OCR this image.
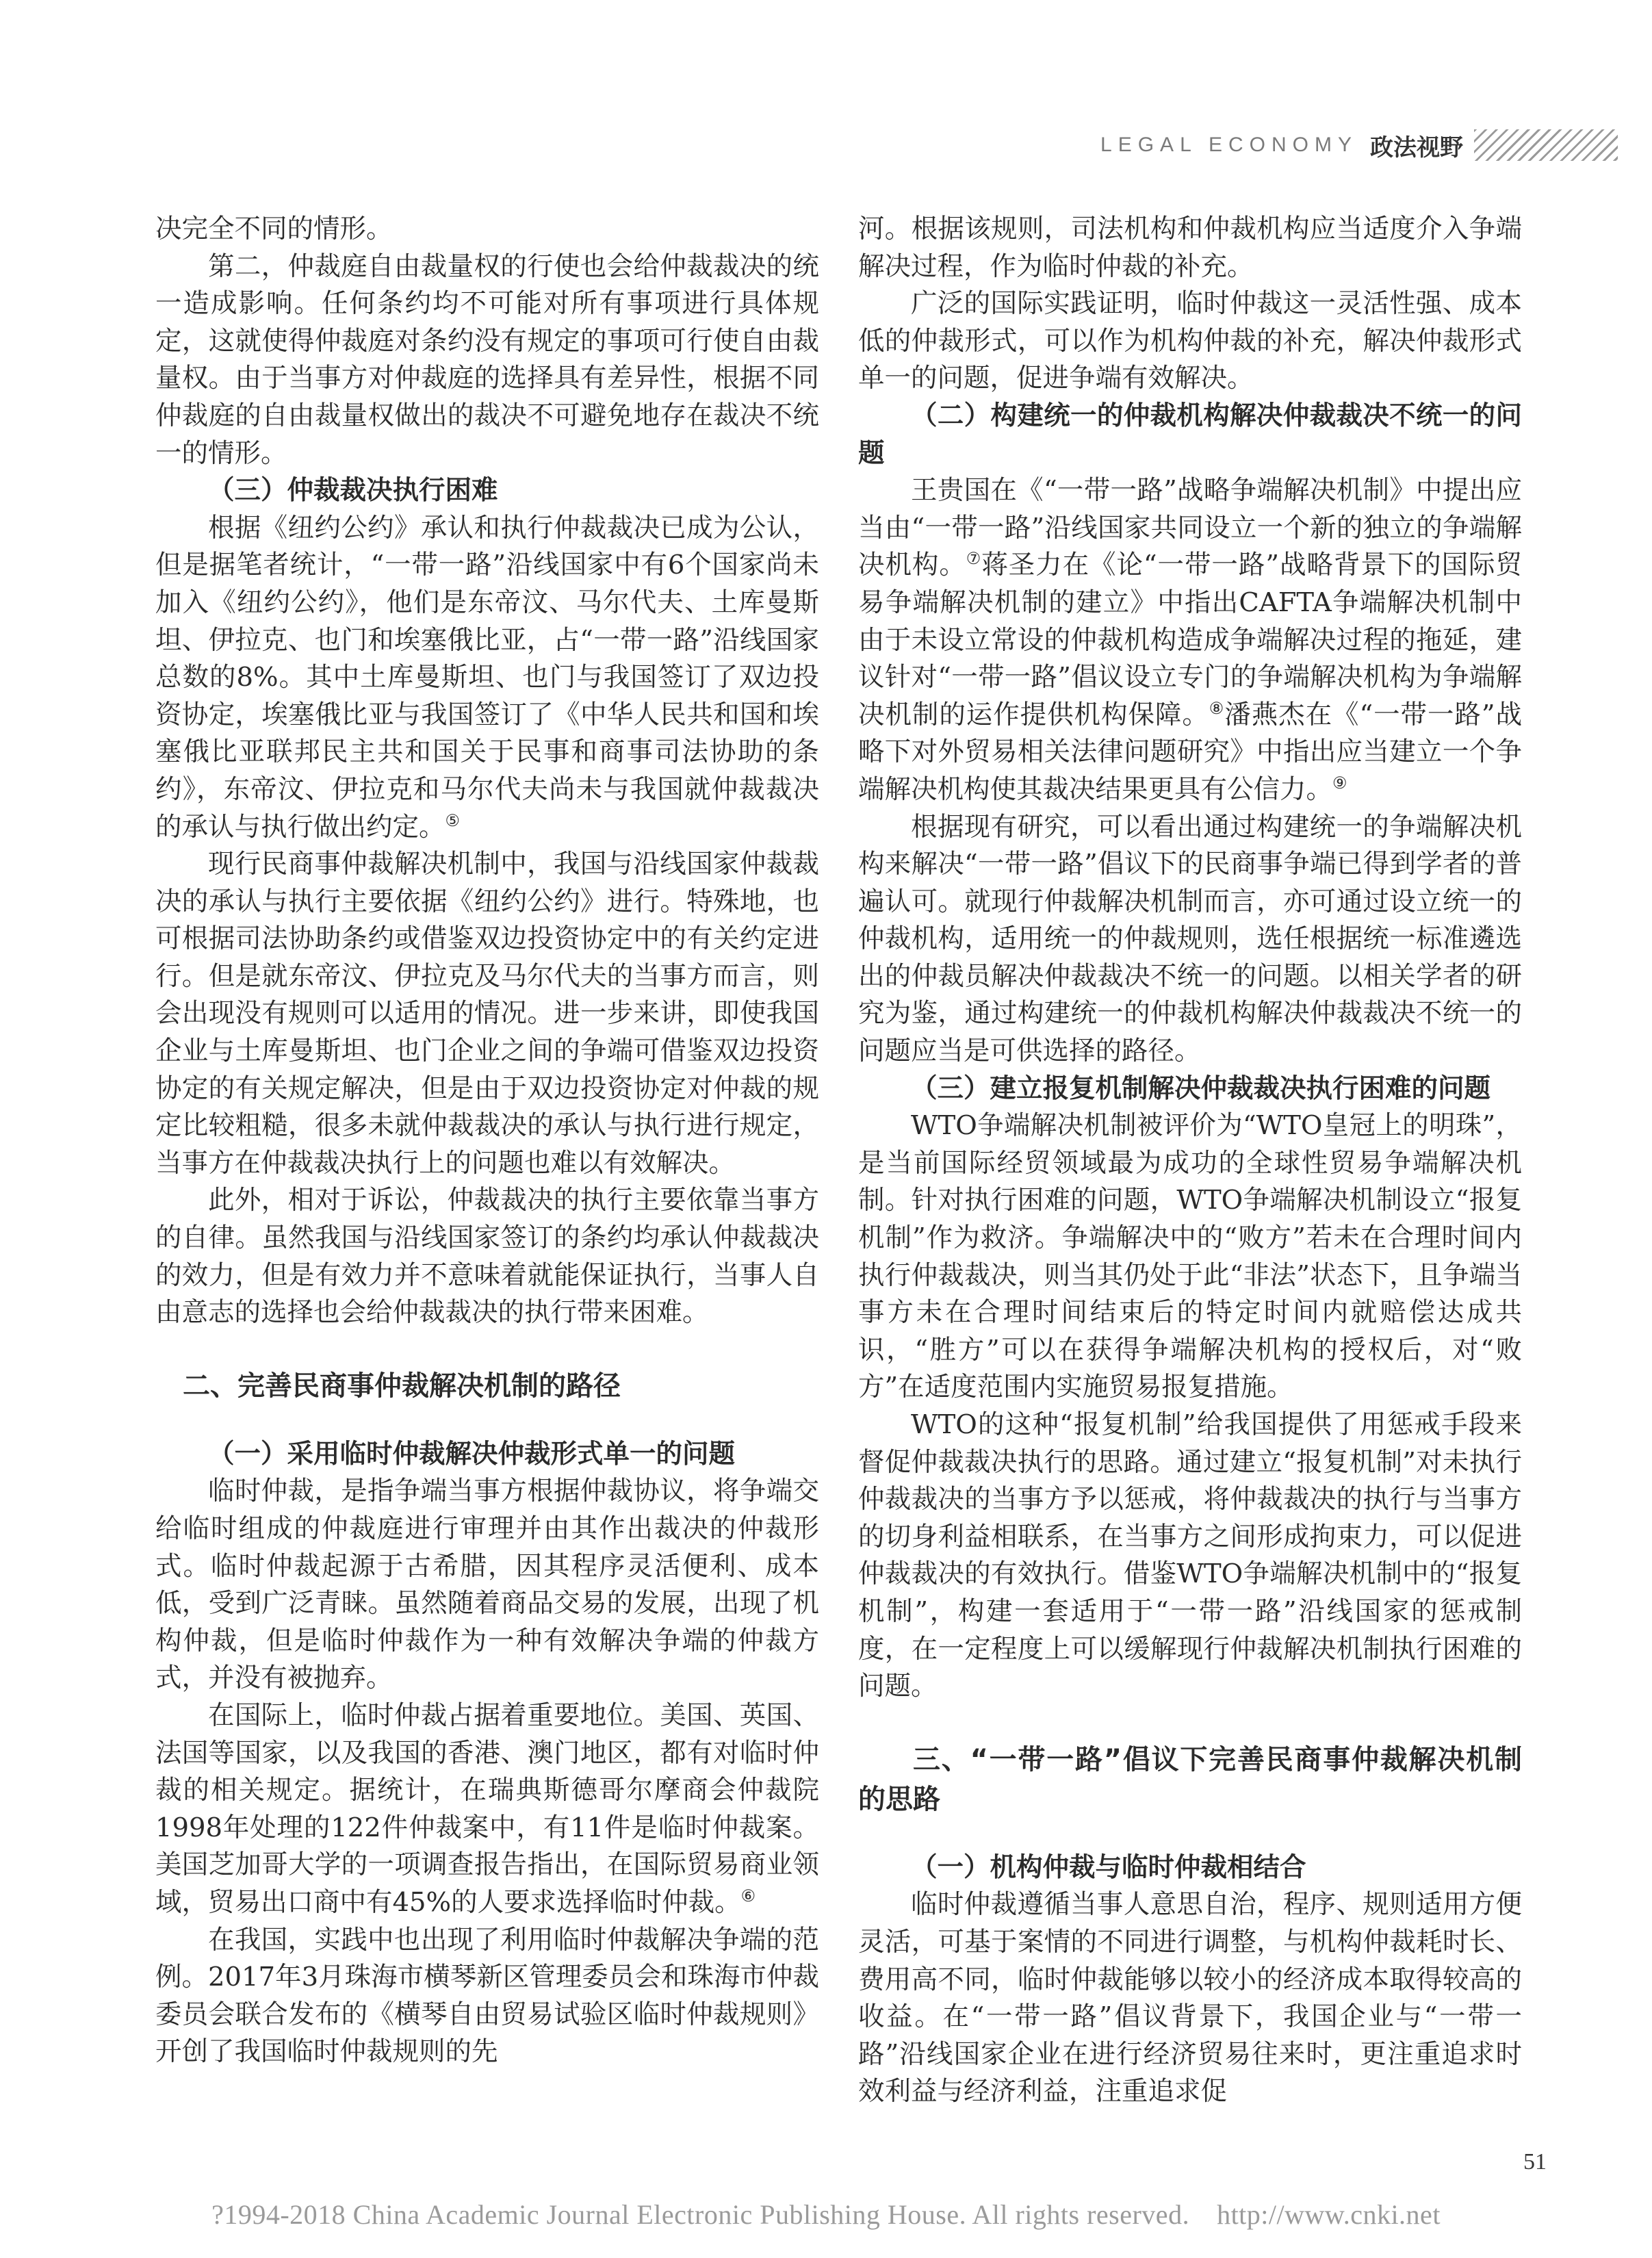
LEGAL ECONOMY 政法视野

决完全不同的情形。

第二，仲裁庭自由裁量权的行使也会给仲裁裁决的统一造成影响。任何条约均不可能对所有事项进行具体规定，这就使得仲裁庭对条约没有规定的事项可行使自由裁量权。由于当事方对仲裁庭的选择具有差异性，根据不同仲裁庭的自由裁量权做出的裁决不可避免地存在裁决不统一的情形。

（三）仲裁裁决执行困难

根据《纽约公约》承认和执行仲裁裁决已成为公认，但是据笔者统计，“一带一路”沿线国家中有6个国家尚未加入《纽约公约》，他们是东帝汶、马尔代夫、土库曼斯坦、伊拉克、也门和埃塞俄比亚，占“一带一路”沿线国家总数的8%。其中土库曼斯坦、也门与我国签订了双边投资协定，埃塞俄比亚与我国签订了《中华人民共和国和埃塞俄比亚联邦民主共和国关于民事和商事司法协助的条约》，东帝汶、伊拉克和马尔代夫尚未与我国就仲裁裁决的承认与执行做出约定。⑤

现行民商事仲裁解决机制中，我国与沿线国家仲裁裁决的承认与执行主要依据《纽约公约》进行。特殊地，也可根据司法协助条约或借鉴双边投资协定中的有关约定进行。但是就东帝汶、伊拉克及马尔代夫的当事方而言，则会出现没有规则可以适用的情况。进一步来讲，即使我国企业与土库曼斯坦、也门企业之间的争端可借鉴双边投资协定的有关规定解决，但是由于双边投资协定对仲裁的规定比较粗糙，很多未就仲裁裁决的承认与执行进行规定，当事方在仲裁裁决执行上的问题也难以有效解决。

此外，相对于诉讼，仲裁裁决的执行主要依靠当事方的自律。虽然我国与沿线国家签订的条约均承认仲裁裁决的效力，但是有效力并不意味着就能保证执行，当事人自由意志的选择也会给仲裁裁决的执行带来困难。

二、完善民商事仲裁解决机制的路径
（一）采用临时仲裁解决仲裁形式单一的问题

临时仲裁，是指争端当事方根据仲裁协议，将争端交给临时组成的仲裁庭进行审理并由其作出裁决的仲裁形式。临时仲裁起源于古希腊，因其程序灵活便利、成本低，受到广泛青睐。虽然随着商品交易的发展，出现了机构仲裁，但是临时仲裁作为一种有效解决争端的仲裁方式，并没有被抛弃。

在国际上，临时仲裁占据着重要地位。美国、英国、法国等国家，以及我国的香港、澳门地区，都有对临时仲裁的相关规定。据统计，在瑞典斯德哥尔摩商会仲裁院1998年处理的122件仲裁案中，有11件是临时仲裁案。美国芝加哥大学的一项调查报告指出，在国际贸易商业领域，贸易出口商中有45%的人要求选择临时仲裁。⑥

在我国，实践中也出现了利用临时仲裁解决争端的范例。2017年3月珠海市横琴新区管理委员会和珠海市仲裁委员会联合发布的《横琴自由贸易试验区临时仲裁规则》开创了我国临时仲裁规则的先

河。根据该规则，司法机构和仲裁机构应当适度介入争端解决过程，作为临时仲裁的补充。

广泛的国际实践证明，临时仲裁这一灵活性强、成本低的仲裁形式，可以作为机构仲裁的补充，解决仲裁形式单一的问题，促进争端有效解决。

（二）构建统一的仲裁机构解决仲裁裁决不统一的问题

王贵国在《“一带一路”战略争端解决机制》中提出应当由“一带一路”沿线国家共同设立一个新的独立的争端解决机构。⑦蒋圣力在《论“一带一路”战略背景下的国际贸易争端解决机制的建立》中指出CAFTA争端解决机制中由于未设立常设的仲裁机构造成争端解决过程的拖延，建议针对“一带一路”倡议设立专门的争端解决机构为争端解决机制的运作提供机构保障。⑧潘燕杰在《“一带一路”战略下对外贸易相关法律问题研究》中指出应当建立一个争端解决机构使其裁决结果更具有公信力。⑨

根据现有研究，可以看出通过构建统一的争端解决机构来解决“一带一路”倡议下的民商事争端已得到学者的普遍认可。就现行仲裁解决机制而言，亦可通过设立统一的仲裁机构，适用统一的仲裁规则，选任根据统一标准遴选出的仲裁员解决仲裁裁决不统一的问题。以相关学者的研究为鉴，通过构建统一的仲裁机构解决仲裁裁决不统一的问题应当是可供选择的路径。

（三）建立报复机制解决仲裁裁决执行困难的问题

WTO争端解决机制被评价为“WTO皇冠上的明珠”，是当前国际经贸领域最为成功的全球性贸易争端解决机制。针对执行困难的问题，WTO争端解决机制设立“报复机制”作为救济。争端解决中的“败方”若未在合理时间内执行仲裁裁决，则当其仍处于此“非法”状态下，且争端当事方未在合理时间结束后的特定时间内就赔偿达成共识，“胜方”可以在获得争端解决机构的授权后，对“败方”在适度范围内实施贸易报复措施。

WTO的这种“报复机制”给我国提供了用惩戒手段来督促仲裁裁决执行的思路。通过建立“报复机制”对未执行仲裁裁决的当事方予以惩戒，将仲裁裁决的执行与当事方的切身利益相联系，在当事方之间形成拘束力，可以促进仲裁裁决的有效执行。借鉴WTO争端解决机制中的“报复机制”，构建一套适用于“一带一路”沿线国家的惩戒制度，在一定程度上可以缓解现行仲裁解决机制执行困难的问题。

三、“一带一路”倡议下完善民商事仲裁解决机制的思路
（一）机构仲裁与临时仲裁相结合

临时仲裁遵循当事人意思自治，程序、规则适用方便灵活，可基于案情的不同进行调整，与机构仲裁耗时长、费用高不同，临时仲裁能够以较小的经济成本取得较高的收益。在“一带一路”倡议背景下，我国企业与“一带一路”沿线国家企业在进行经济贸易往来时，更注重追求时效利益与经济利益，注重追求促

51
?1994-2018 China Academic Journal Electronic Publishing House. All rights reserved. http://www.cnki.net
